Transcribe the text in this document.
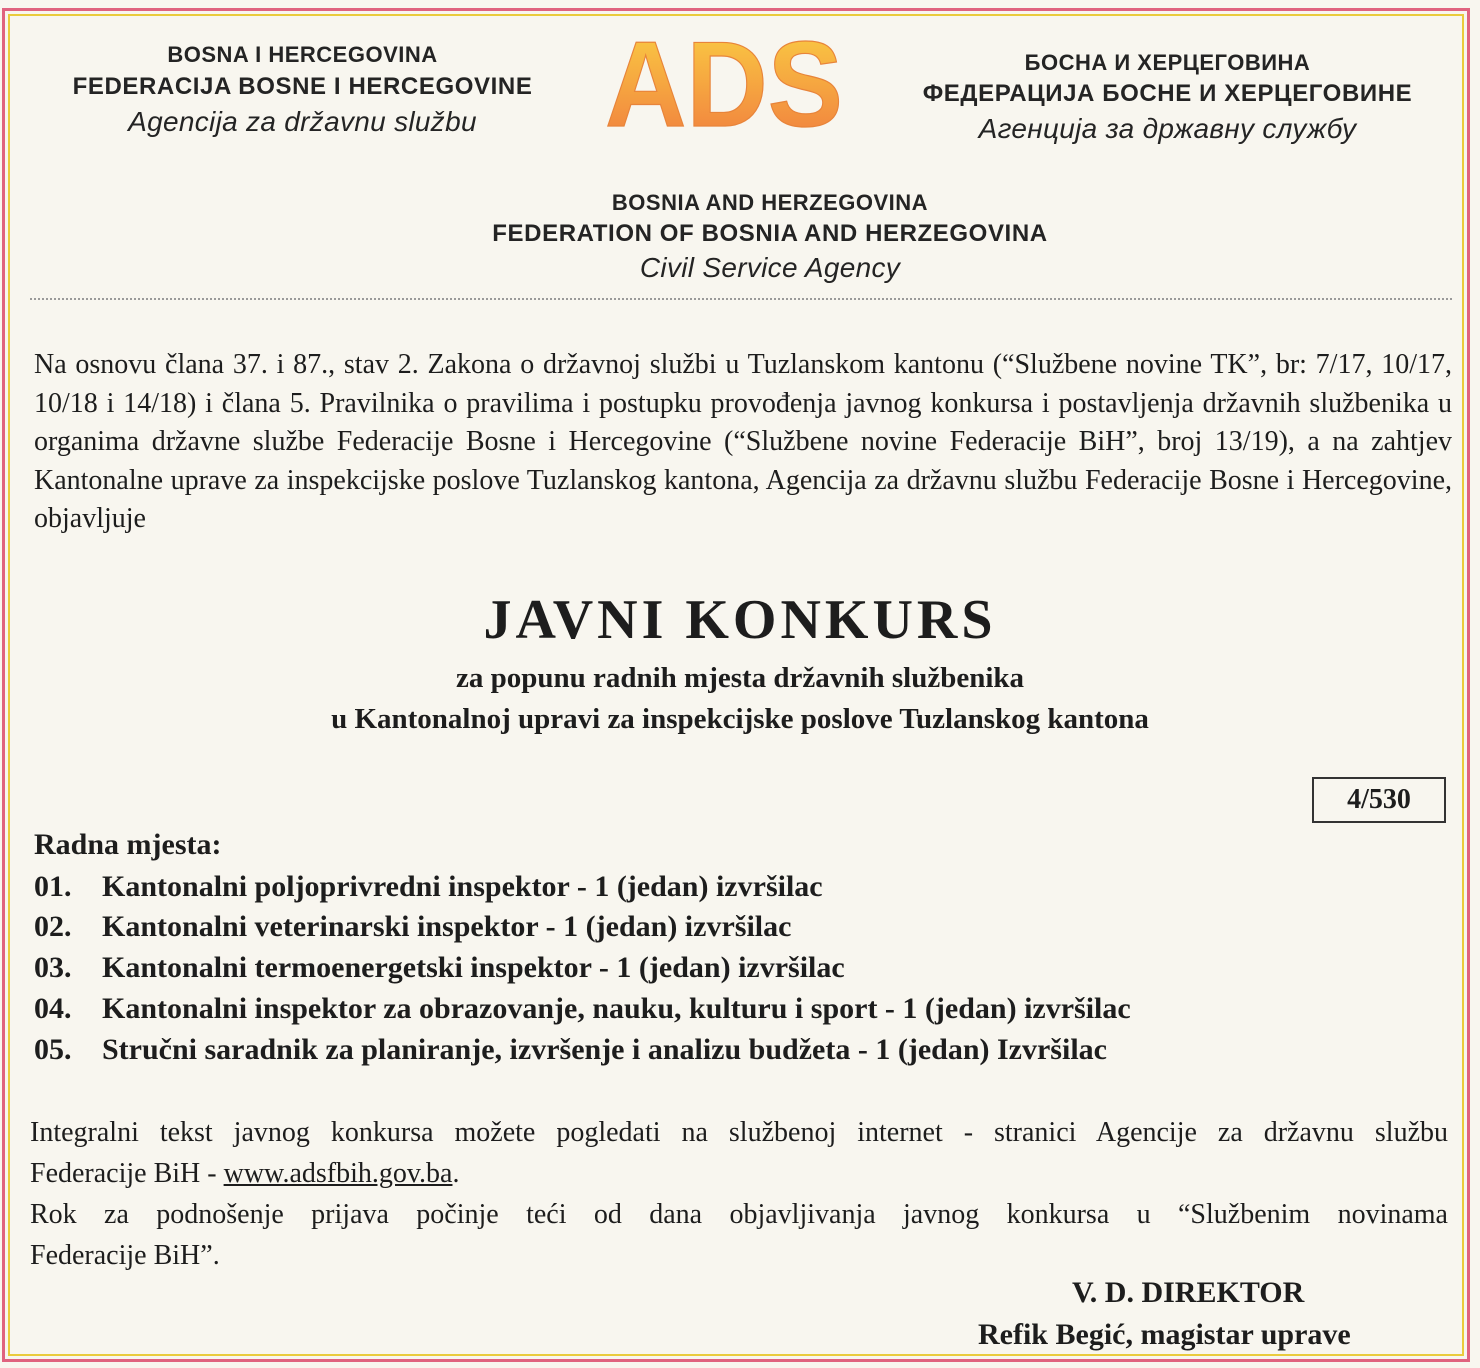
BOSNA I HERCEGOVINA
FEDERACIJA BOSNE I HERCEGOVINE
Agencija za državnu službu	ADS	БОСНА И ХЕРЦЕГОВИНА
ФЕДЕРАЦИЈА БОСНЕ И ХЕРЦЕГОВИНЕ
Агенција за државну службу
BOSNIA AND HERZEGOVINA
FEDERATION OF BOSNIA AND HERZEGOVINA
Civil Service Agency
Na osnovu člana 37. i 87., stav 2. Zakona o državnoj službi u Tuzlanskom kantonu (“Službene novine TK”, br: 7/17, 10/17, 10/18 i 14/18) i člana 5. Pravilnika o pravilima i postupku provođenja javnog konkursa i postavljenja državnih službenika u organima državne službe Federacije Bosne i Hercegovine (“Službene novine Federacije BiH”, broj 13/19), a na zahtjev Kantonalne uprave za inspekcijske poslove Tuzlanskog kantona, Agencija za državnu službu Federacije Bosne i Hercegovine, objavljuje
JAVNI KONKURS
za popunu radnih mjesta državnih službenika
u Kantonalnoj upravi za inspekcijske poslove Tuzlanskog kantona
4/530
Radna mjesta:
01. Kantonalni poljoprivredni inspektor - 1 (jedan) izvršilac
02. Kantonalni veterinarski inspektor - 1 (jedan) izvršilac
03. Kantonalni termoenergetski inspektor - 1 (jedan) izvršilac
04. Kantonalni inspektor za obrazovanje, nauku, kulturu i sport - 1 (jedan) izvršilac
05. Stručni saradnik za planiranje, izvršenje i analizu budžeta - 1 (jedan) Izvršilac
Integralni tekst javnog konkursa možete pogledati na službenoj internet - stranici Agencije za državnu službu
Federacije BiH - www.adsfbih.gov.ba.
Rok za podnošenje prijava počinje teći od dana objavljivanja javnog konkursa u “Službenim novinama
Federacije BiH”.
V. D. DIREKTOR
Refik Begić, magistar uprave
